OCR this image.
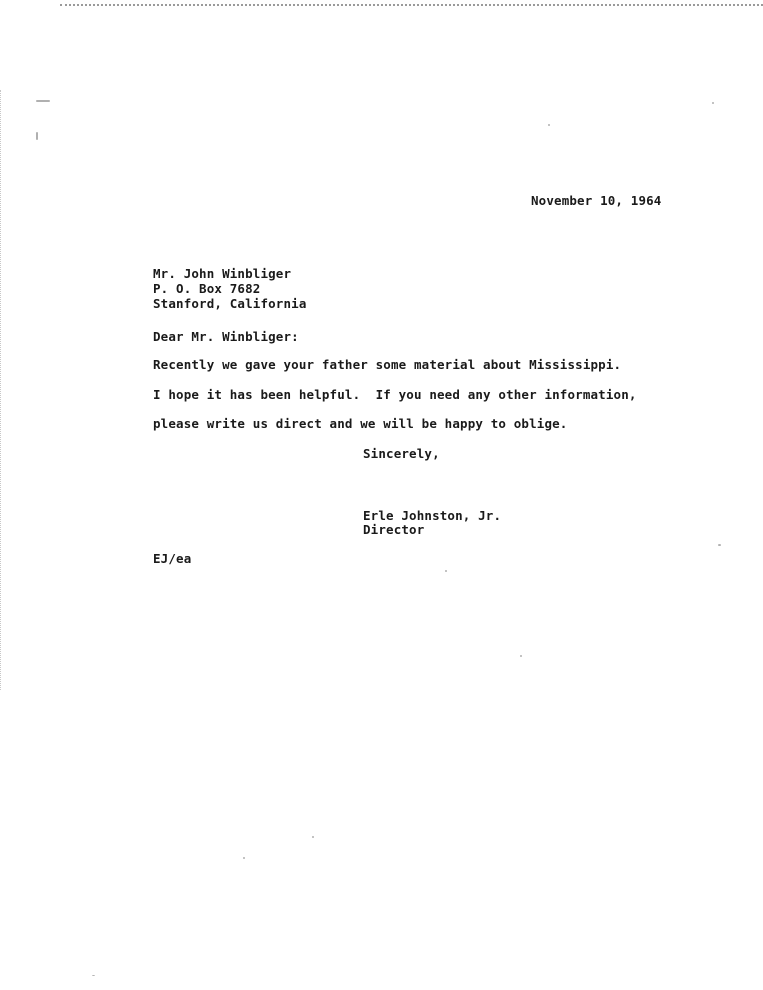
November 10, 1964
Mr. John Winbliger
P. O. Box 7682
Stanford, California
Dear Mr. Winbliger:
Recently we gave your father some material about Mississippi.
I hope it has been helpful.  If you need any other information,
please write us direct and we will be happy to oblige.
Sincerely,
Erle Johnston, Jr.
Director
EJ/ea
